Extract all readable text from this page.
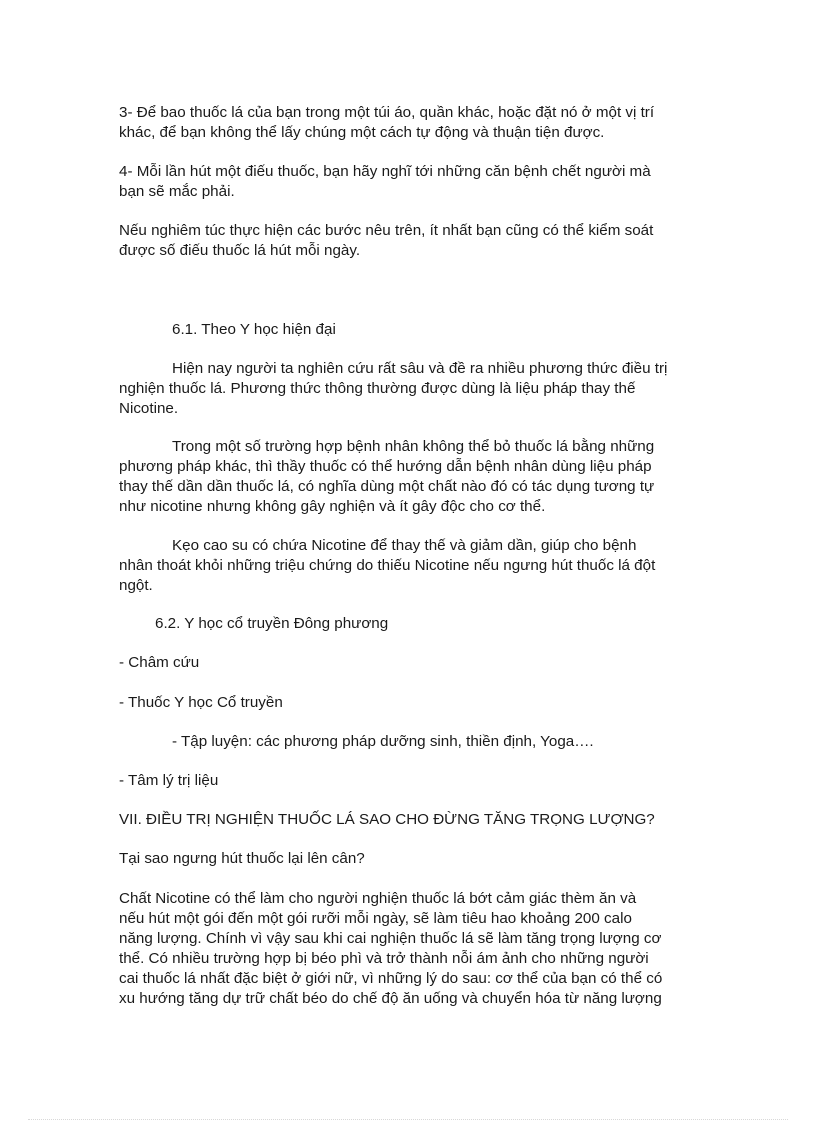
3- Để bao thuốc lá của bạn trong một túi áo, quần khác, hoặc đặt nó ở một vị trí
khác, để bạn không thể lấy chúng một cách tự động và thuận tiện được.

4- Mỗi lần hút một điếu thuốc, bạn hãy nghĩ tới những căn bệnh chết người mà
bạn sẽ mắc phải.

Nếu nghiêm túc thực hiện các bước nêu trên, ít nhất bạn cũng có thể kiểm soát
được số điếu thuốc lá hút mỗi ngày.

6.1. Theo Y học hiện đại

Hiện nay người ta nghiên cứu rất sâu và đề ra nhiều phương thức điều trị
nghiện thuốc lá. Phương thức thông thường được dùng là liệu pháp thay thế
Nicotine.

Trong một số trường hợp bệnh nhân không thể bỏ thuốc lá bằng những
phương pháp khác, thì thầy thuốc có thể hướng dẫn bệnh nhân dùng liệu pháp
thay thế dần dần thuốc lá, có nghĩa dùng một chất nào đó có tác dụng tương tự
như nicotine nhưng không gây nghiện và ít gây độc cho cơ thể.

Kẹo cao su có chứa Nicotine để thay thế và giảm dần, giúp cho bệnh
nhân thoát khỏi những triệu chứng do thiếu Nicotine nếu ngưng hút thuốc lá đột
ngột.

6.2. Y học cổ truyền Đông phương

- Châm cứu

- Thuốc Y học Cổ truyền

- Tập luyện: các phương pháp dưỡng sinh, thiền định, Yoga….

- Tâm lý trị liệu

VII. ĐIỀU TRỊ NGHIỆN THUỐC LÁ SAO CHO ĐỪNG TĂNG TRỌNG LƯỢNG?

Tại sao ngưng hút thuốc lại lên cân?

Chất Nicotine có thể làm cho người nghiện thuốc lá bớt cảm giác thèm ăn và
nếu hút một gói đến một gói rưỡi mỗi ngày, sẽ làm tiêu hao khoảng 200 calo
năng lượng. Chính vì vậy sau khi cai nghiện thuốc lá sẽ làm tăng trọng lượng cơ
thể. Có nhiều trường hợp bị béo phì và trở thành nỗi ám ảnh cho những người
cai thuốc lá nhất đặc biệt ở giới nữ, vì những lý do sau: cơ thể của bạn có thể có
xu hướng tăng dự trữ chất béo do chế độ ăn uống và chuyển hóa từ năng lượng
